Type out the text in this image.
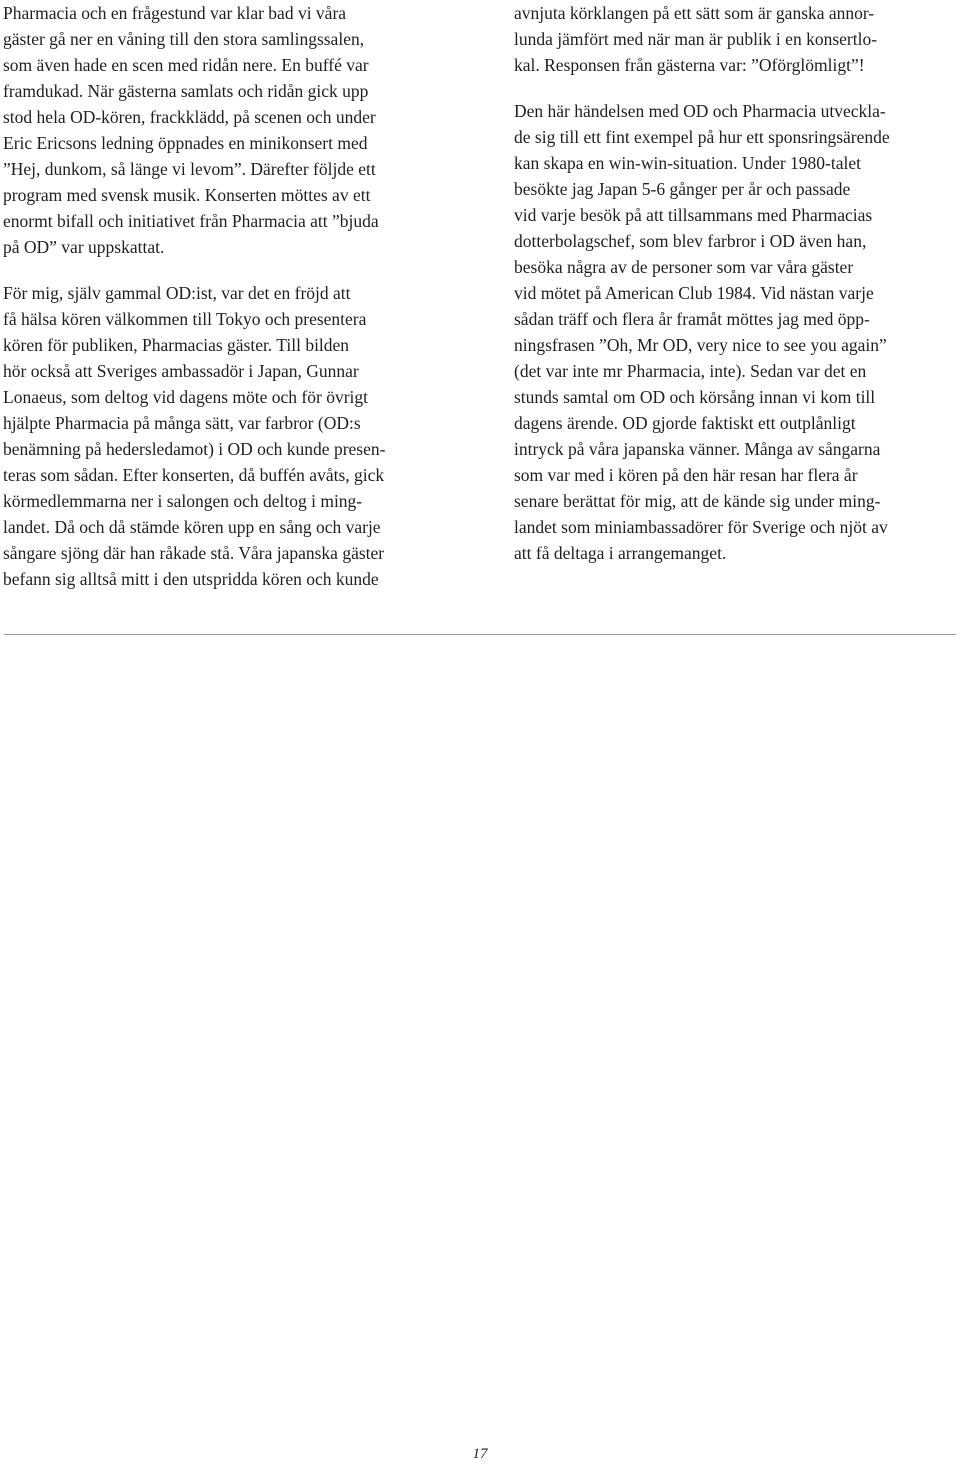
Pharmacia och en frågestund var klar bad vi våra
gäster gå ner en våning till den stora samlingssalen,
som även hade en scen med ridån nere. En buffé var
framdukad. När gästerna samlats och ridån gick upp
stod hela OD-kören, frackklädd, på scenen och under
Eric Ericsons ledning öppnades en minikonsert med
”Hej, dunkom, så länge vi levom”. Därefter följde ett
program med svensk musik. Konserten möttes av ett
enormt bifall och initiativet från Pharmacia att ”bjuda
på OD” var uppskattat.
För mig, själv gammal OD:ist, var det en fröjd att
få hälsa kören välkommen till Tokyo och presentera
kören för publiken, Pharmacias gäster. Till bilden
hör också att Sveriges ambassadör i Japan, Gunnar
Lonaeus, som deltog vid dagens möte och för övrigt
hjälpte Pharmacia på många sätt, var farbror (OD:s
benämning på hedersledamot) i OD och kunde presen-
teras som sådan. Efter konserten, då buffén avåts, gick
körmedlemmarna ner i salongen och deltog i ming-
landet. Då och då stämde kören upp en sång och varje
sångare sjöng där han råkade stå. Våra japanska gäster
befann sig alltså mitt i den utspridda kören och kunde
avnjuta körklangen på ett sätt som är ganska annor-
lunda jämfört med när man är publik i en konsertlo-
kal. Responsen från gästerna var: ”Oförglömligt”!
Den här händelsen med OD och Pharmacia utveckla-
de sig till ett fint exempel på hur ett sponsringsärende
kan skapa en win-win-situation. Under 1980-talet
besökte jag Japan 5-6 gånger per år och passade
vid varje besök på att tillsammans med Pharmacias
dotterbolagschef, som blev farbror i OD även han,
besöka några av de personer som var våra gäster
vid mötet på American Club 1984. Vid nästan varje
sådan träff och flera år framåt möttes jag med öpp-
ningsfrasen ”Oh, Mr OD, very nice to see you again”
(det var inte mr Pharmacia, inte). Sedan var det en
stunds samtal om OD och körsång innan vi kom till
dagens ärende. OD gjorde faktiskt ett outplånligt
intryck på våra japanska vänner. Många av sångarna
som var med i kören på den här resan har flera år
senare berättat för mig, att de kände sig under ming-
landet som miniambassadörer för Sverige och njöt av
att få deltaga i arrangemanget.
17
